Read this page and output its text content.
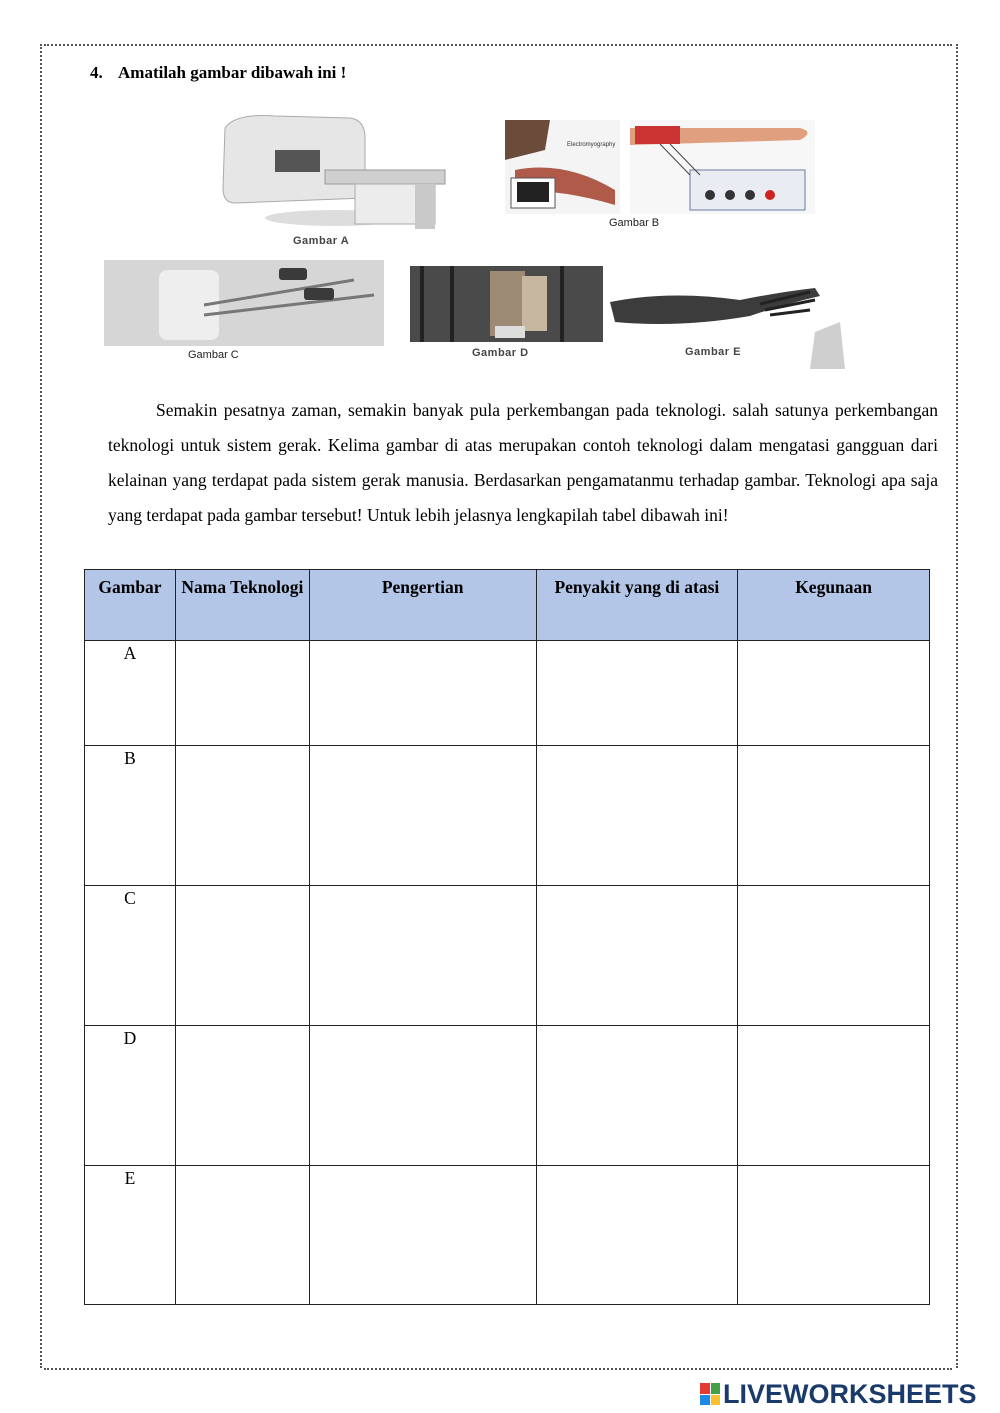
4. Amatilah gambar dibawah ini !
Gambar A
Electromyography
Gambar B
Gambar C	Gambar D	Gambar E
Semakin pesatnya zaman, semakin banyak pula perkembangan pada teknologi. salah satunya perkembangan teknologi untuk sistem gerak. Kelima gambar di atas merupakan contoh teknologi dalam mengatasi gangguan dari kelainan yang terdapat pada sistem gerak manusia. Berdasarkan pengamatanmu terhadap gambar. Teknologi apa saja yang terdapat pada gambar tersebut! Untuk lebih jelasnya lengkapilah tabel dibawah ini!
Gambar	Nama Teknologi	Pengertian	Penyakit yang di atasi	Kegunaan
A				
B				
C				
D				
E				
LIVEWORKSHEETS
